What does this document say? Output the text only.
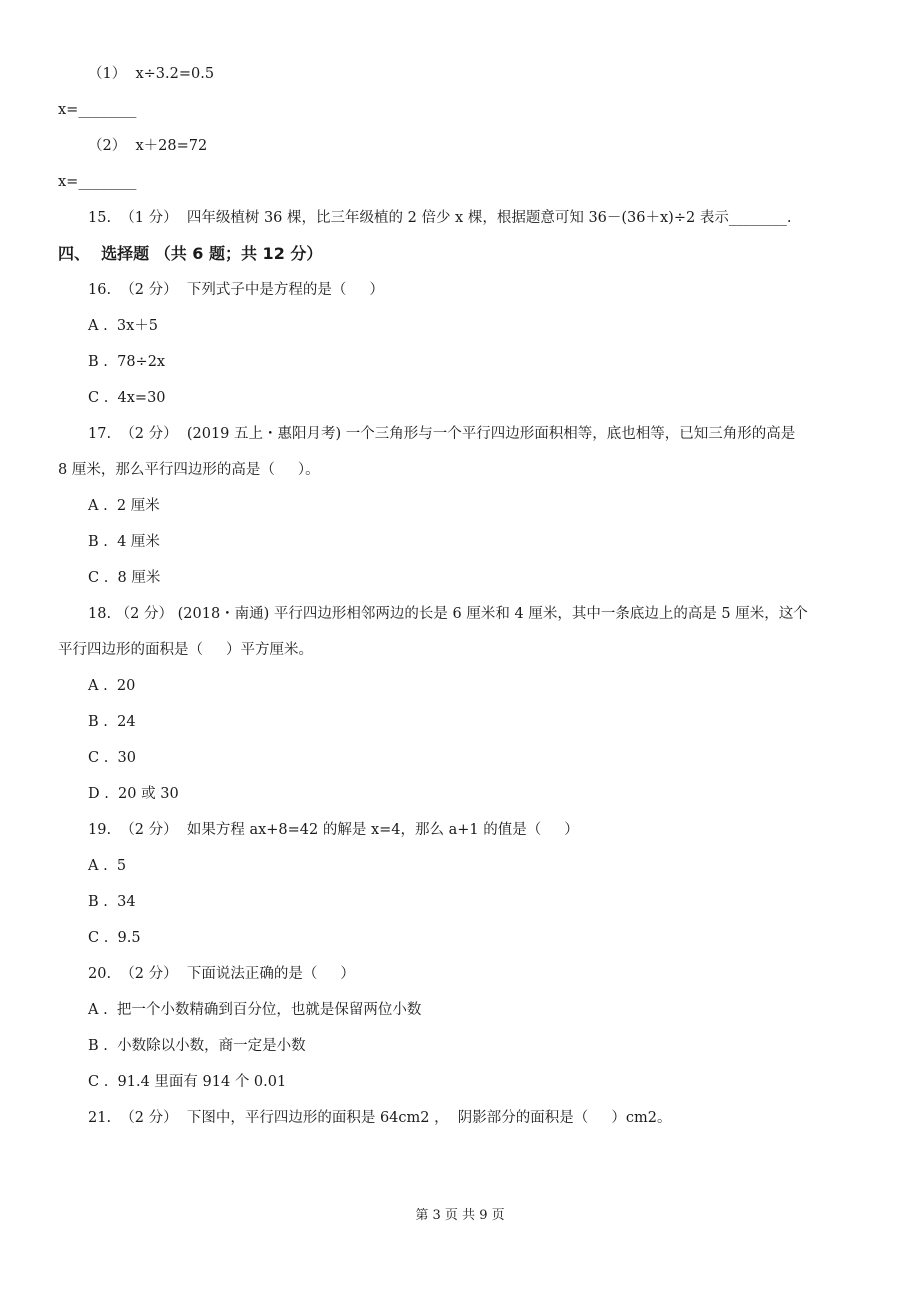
（1）  x÷3.2=0.5
x=________
（2）  x＋28=72
x=________
15.  （1 分）  四年级植树 36 棵，比三年级植的 2 倍少 x 棵，根据题意可知 36－(36＋x)÷2 表示________.
四、  选择题 （共 6 题；共 12 分）
16.  （2 分）  下列式子中是方程的是（     ）
A .  3x＋5
B .  78÷2x
C .  4x=30
17.  （2 分）  (2019 五上・惠阳月考) 一个三角形与一个平行四边形面积相等，底也相等，已知三角形的高是
8 厘米，那么平行四边形的高是（     ）。
A .  2 厘米
B .  4 厘米
C .  8 厘米
18. （2 分） (2018・南通) 平行四边形相邻两边的长是 6 厘米和 4 厘米，其中一条底边上的高是 5 厘米，这个
平行四边形的面积是（     ）平方厘米。
A .  20
B .  24
C .  30
D .  20 或 30
19.  （2 分）  如果方程 ax+8=42 的解是 x=4，那么 a+1 的值是（     ）
A .  5
B .  34
C .  9.5
20.  （2 分）  下面说法正确的是（     ）
A .  把一个小数精确到百分位，也就是保留两位小数
B .  小数除以小数，商一定是小数
C .  91.4 里面有 914 个 0.01
21.  （2 分）  下图中，平行四边形的面积是 64cm2 ，  阴影部分的面积是（     ）cm2。
第 3 页 共 9 页
